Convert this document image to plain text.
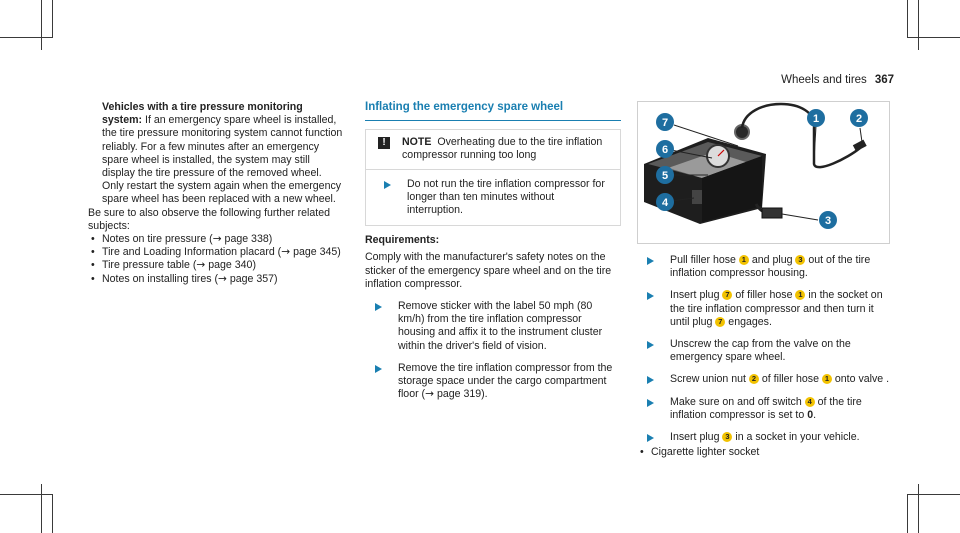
Wheels and tires 367

Vehicles with a tire pressure monitoring system: If an emergency spare wheel is installed, the tire pressure monitoring system cannot function reliably. For a few minutes after an emergency spare wheel is installed, the system may still display the tire pressure of the removed wheel. Only restart the system again when the emergency spare wheel has been replaced with a new wheel.

Be sure to also observe the following further related subjects:

• Notes on tire pressure (→ page 338)
• Tire and Loading Information placard (→ page 345)
• Tire pressure table (→ page 340)
• Notes on installing tires (→ page 357)
Inflating the emergency spare wheel
!	NOTE Overheating due to the tire inflation compressor running too long
Do not run the tire inflation compressor for longer than ten minutes without interruption.

Requirements:

Comply with the manufacturer's safety notes on the sticker of the emergency spare wheel and on the tire inflation compressor.

Remove sticker with the label 50 mph (80 km/h) from the tire inflation compressor housing and affix it to the instrument cluster within the driver's field of vision.
Remove the tire inflation compressor from the storage space under the cargo compartment floor (→ page 319).
7
6
5
4
1	2
3
Pull filler hose 1 and plug 3 out of the tire inflation compressor housing.
Insert plug 7 of filler hose 1 in the socket on the tire inflation compressor and then turn it until plug 7 engages.
Unscrew the cap from the valve on the emergency spare wheel.
Screw union nut 2 of filler hose 1 onto valve .
Make sure on and off switch 4 of the tire inflation compressor is set to 0.
Insert plug 3 in a socket in your vehicle.
• Cigarette lighter socket
